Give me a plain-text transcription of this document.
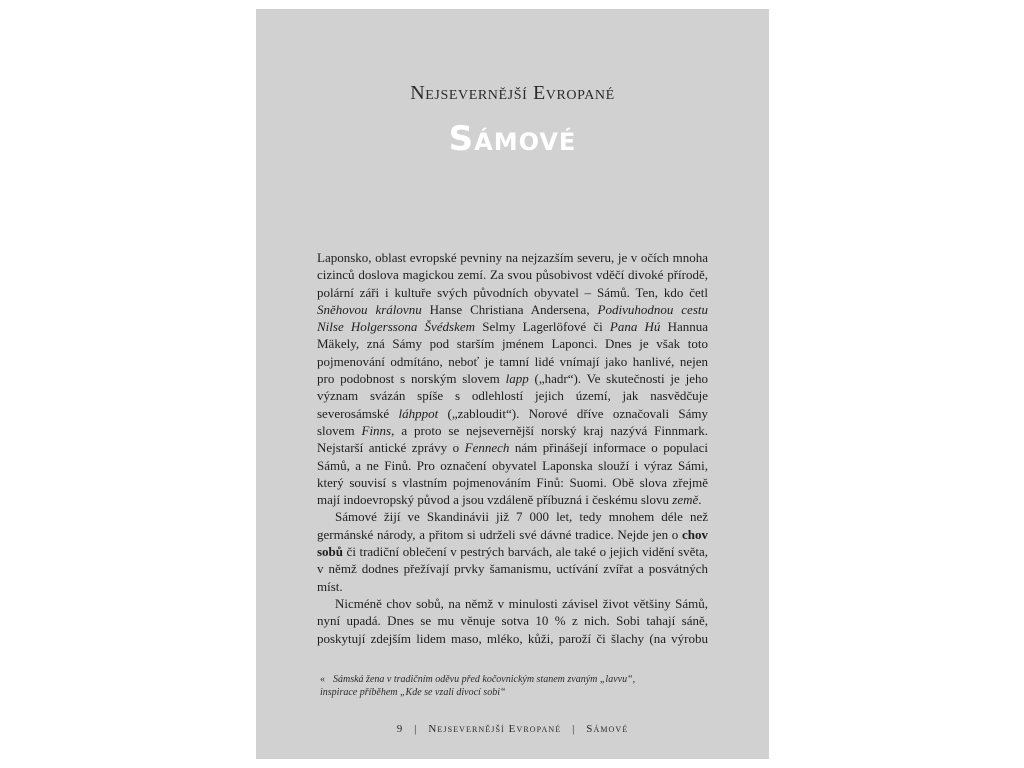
Nejsevernější Evropané
Sámové

Laponsko, oblast evropské pevniny na nejzazším severu, je v očích mnoha cizinců doslova magickou zemí. Za svou působivost vděčí divoké přírodě, polární záři i kultuře svých původních obyvatel – Sámů. Ten, kdo četl Sněhovou královnu Hanse Christiana Andersena, Podivuhodnou cestu Nilse Holgerssona Švédskem Selmy Lagerlöfové či Pana Hú Hannua Mäkely, zná Sámy pod starším jménem Laponci. Dnes je však toto pojmenování odmítáno, neboť je tamní lidé vnímají jako hanlivé, nejen pro podobnost s norským slovem lapp („hadr“). Ve skutečnosti je jeho význam svázán spíše s odlehlostí jejich území, jak nasvědčuje severosámské láhppot („zabloudit“). Norové dříve označovali Sámy slovem Finns, a proto se nejsevernější norský kraj nazývá Finnmark. Nejstarší antické zprávy o Fennech nám přinášejí informace o populaci Sámů, a ne Finů. Pro označení obyvatel Laponska slouží i výraz Sámi, který souvisí s vlastním pojmenováním Finů: Suomi. Obě slova zřejmě mají indoevropský původ a jsou vzdáleně příbuzná i českému slovu země.

Sámové žijí ve Skandinávii již 7 000 let, tedy mnohem déle než germánské národy, a přitom si udrželi své dávné tradice. Nejde jen o chov sobů či tradiční oblečení v pestrých barvách, ale také o jejich vidění světa, v němž dodnes přežívají prvky šamanismu, uctívání zvířat a posvátných míst.

Nicméně chov sobů, na němž v minulosti závisel život většiny Sámů, nyní upadá. Dnes se mu věnuje sotva 10 % z nich. Sobi tahají sáně, poskytují zdejším lidem maso, mléko, kůži, paroží či šlachy (na výrobu

« Sámská žena v tradičním oděvu před kočovnickým stanem zvaným „lavvu“,
inspirace příběhem „Kde se vzali divocí sobi“
9 | Nejsevernější Evropané | Sámové
